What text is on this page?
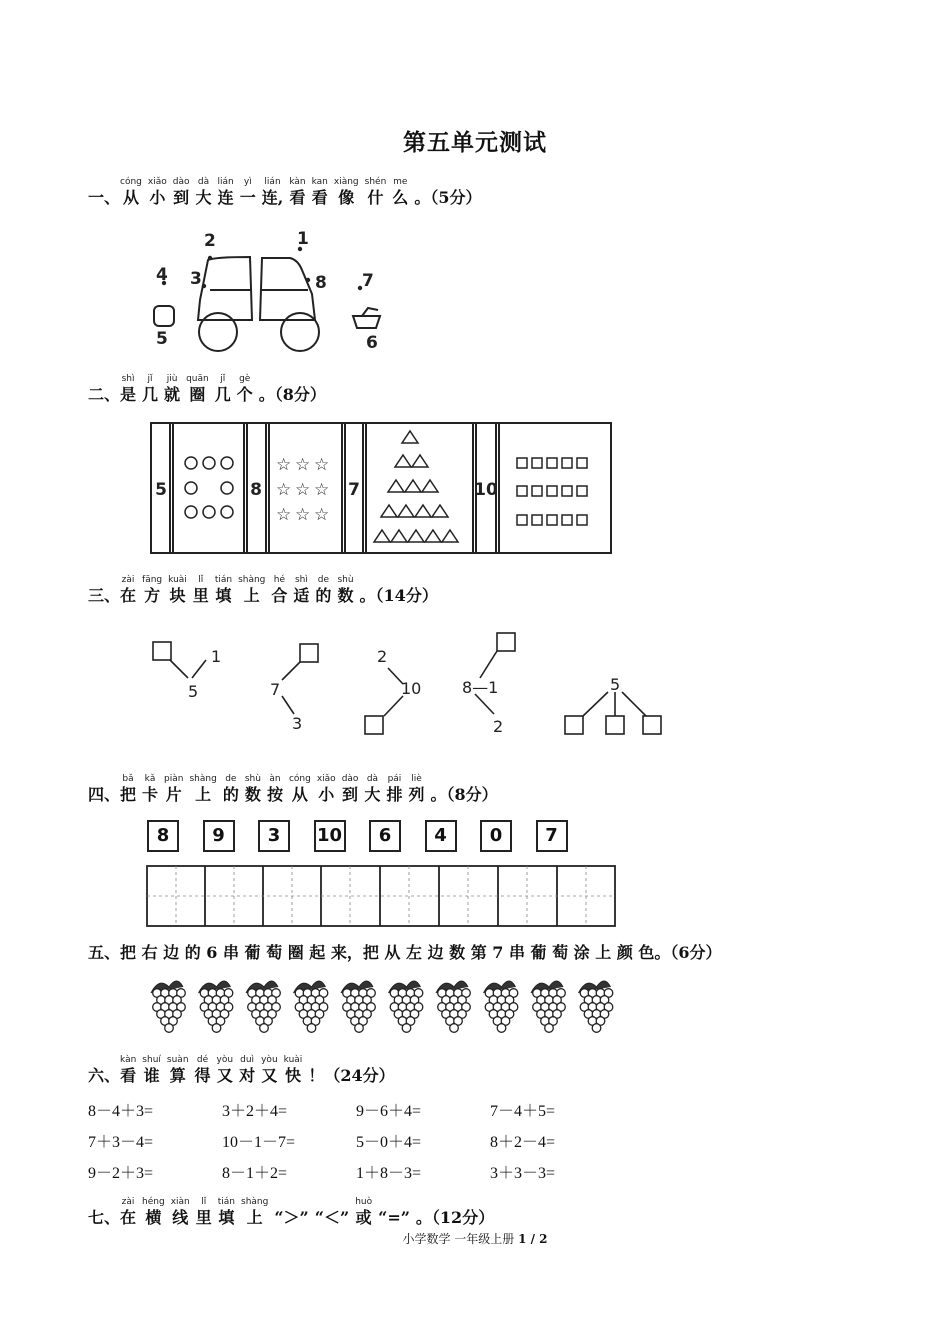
第五单元测试
一、
cóng
从
xiǎo
小
dào
到
dà
大
lián
连
yì
一
lián
连,
kàn
看
kan
看
xiàng
像
shén
什
me
么 。（5分）
二、
shì
是
jǐ
几
jiù
就
quān
圈
jǐ
几
gè
个 。（8分）
三、
zài
在
fāng
方
kuài
块
lǐ
里
tián
填
shàng
上
hé
合
shì
适
de
的
shù
数 。（14分）
四、
bǎ
把
kǎ
卡
piàn
片
shàng
上
de
的
shù
数
àn
按
cóng
从
xiǎo
小
dào
到
dà
大
pái
排
liè
列 。（8分）
五、把 右 边 的 6 串 葡 萄 圈 起 来，把 从 左 边 数 第 7 串 葡 萄 涂 上 颜 色。（6分）
六、
kàn
看
shuí
谁
suàn
算
dé
得
yòu
又
duì
对
yòu
又
kuài
快 ！（24分）
七、
zài
在
héng
横
xiàn
线
lǐ
里
tián
填
shàng
上 “＞” “＜”
huò
或 “=” 。（12分）
2	1
3
4	8 7
5	6
5	8	7	10
☆ ☆ ☆
☆ ☆ ☆
☆ ☆ ☆
1
5	7
3
2
10	8—1
2
5
8	9	3	10	6	4	0	7
8－4＋3=	3＋2＋4=	9－6＋4=	7－4＋5=
7＋3－4=	10－1－7=	5－0＋4=	8＋2－4=
9－2＋3=	8－1＋2=	1＋8－3=	3＋3－3=
小学数学 一年级上册 1 / 2
